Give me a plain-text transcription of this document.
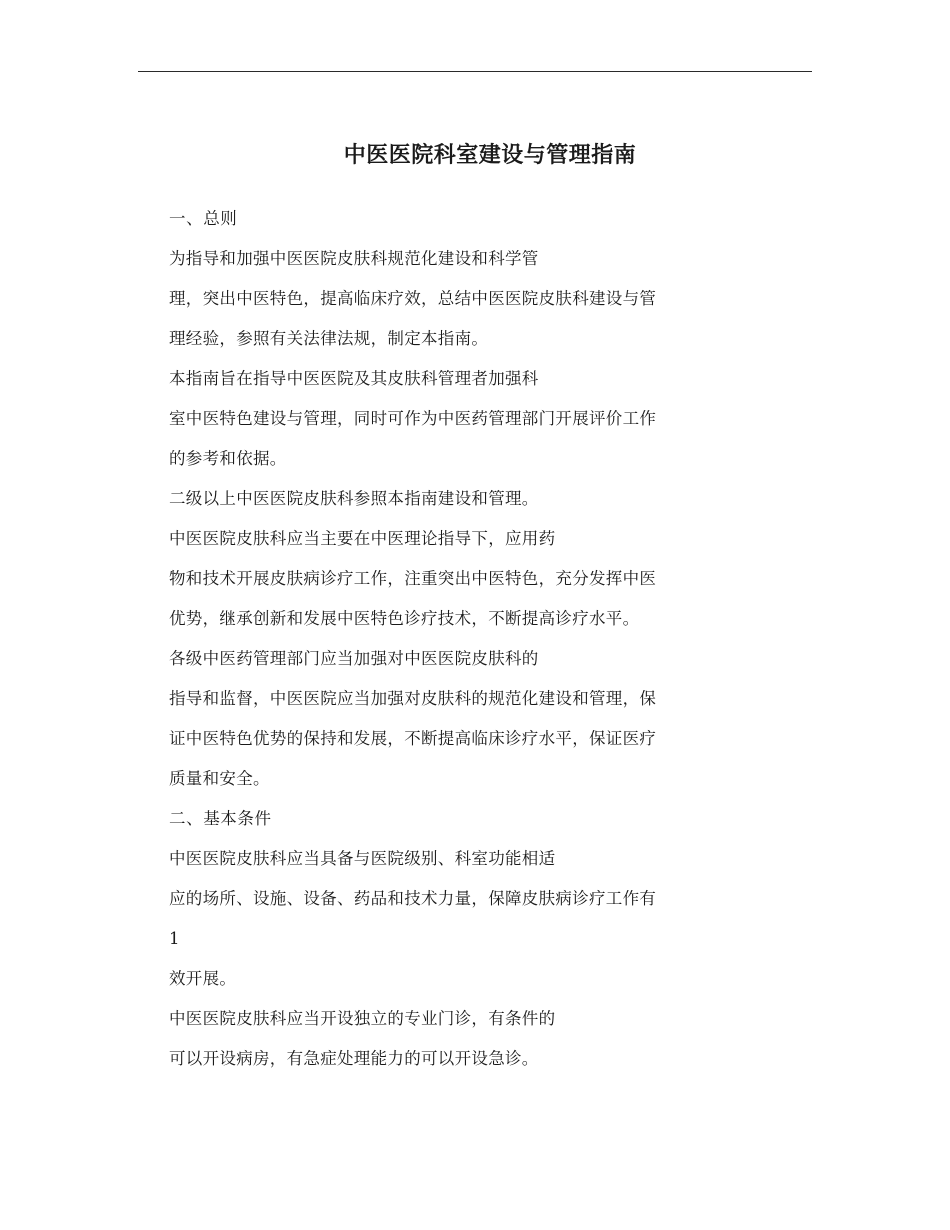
中医医院科室建设与管理指南
一、总则
为指导和加强中医医院皮肤科规范化建设和科学管
理，突出中医特色，提高临床疗效，总结中医医院皮肤科建设与管
理经验，参照有关法律法规，制定本指南。
本指南旨在指导中医医院及其皮肤科管理者加强科
室中医特色建设与管理，同时可作为中医药管理部门开展评价工作
的参考和依据。
二级以上中医医院皮肤科参照本指南建设和管理。
中医医院皮肤科应当主要在中医理论指导下，应用药
物和技术开展皮肤病诊疗工作，注重突出中医特色，充分发挥中医
优势，继承创新和发展中医特色诊疗技术，不断提高诊疗水平。
各级中医药管理部门应当加强对中医医院皮肤科的
指导和监督，中医医院应当加强对皮肤科的规范化建设和管理，保
证中医特色优势的保持和发展，不断提高临床诊疗水平，保证医疗
质量和安全。
二、基本条件
中医医院皮肤科应当具备与医院级别、科室功能相适
应的场所、设施、设备、药品和技术力量，保障皮肤病诊疗工作有
1
效开展。
中医医院皮肤科应当开设独立的专业门诊，有条件的
可以开设病房，有急症处理能力的可以开设急诊。
